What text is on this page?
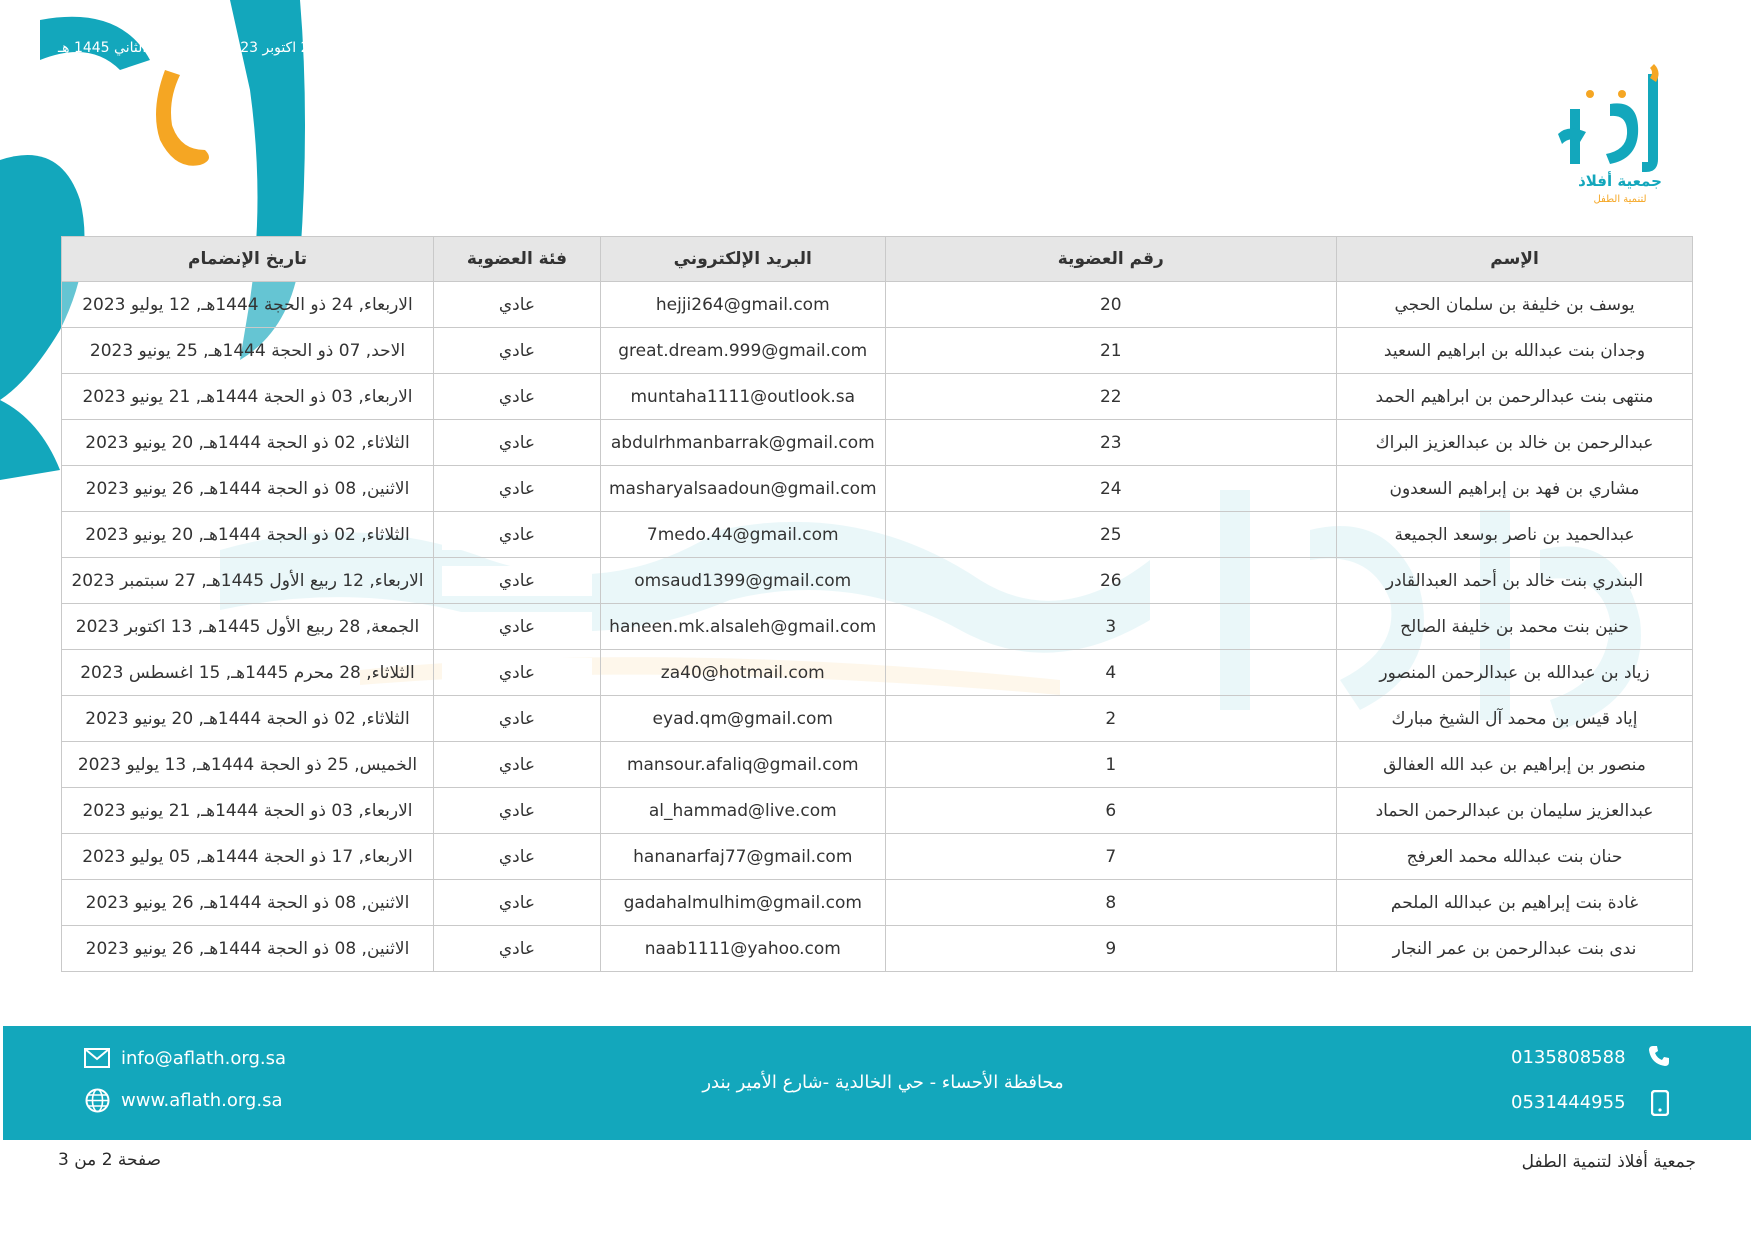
الاربعاء، 25 اكتوبر 2023 م - 10 ربيع الثاني 1445 هـ
جمعية أفلاذ
لتنمية الطفل
الإسم	رقم العضوية	البريد الإلكتروني	فئة العضوية	تاريخ الإنضمام
يوسف بن خليفة بن سلمان الحجي	20	hejji264@gmail.com	عادي	الاربعاء, 24 ذو الحجة 1444هـ, 12 يوليو 2023
وجدان بنت عبدالله بن ابراهيم السعيد	21	great.dream.999@gmail.com	عادي	الاحد, 07 ذو الحجة 1444هـ, 25 يونيو 2023
منتهى بنت عبدالرحمن بن ابراهيم الحمد	22	muntaha1111@outlook.sa	عادي	الاربعاء, 03 ذو الحجة 1444هـ, 21 يونيو 2023
عبدالرحمن بن خالد بن عبدالعزيز البراك	23	abdulrhmanbarrak@gmail.com	عادي	الثلاثاء, 02 ذو الحجة 1444هـ, 20 يونيو 2023
مشاري بن فهد بن إبراهيم السعدون	24	masharyalsaadoun@gmail.com	عادي	الاثنين, 08 ذو الحجة 1444هـ, 26 يونيو 2023
عبدالحميد بن ناصر بوسعد الجميعة	25	7medo.44@gmail.com	عادي	الثلاثاء, 02 ذو الحجة 1444هـ, 20 يونيو 2023
البندري بنت خالد بن أحمد العبدالقادر	26	omsaud1399@gmail.com	عادي	الاربعاء, 12 ربيع الأول 1445هـ, 27 سبتمبر 2023
حنين بنت محمد بن خليفة الصالح	3	haneen.mk.alsaleh@gmail.com	عادي	الجمعة, 28 ربيع الأول 1445هـ, 13 اكتوبر 2023
زياد بن عبدالله بن عبدالرحمن المنصور	4	za40@hotmail.com	عادي	الثلاثاء, 28 محرم 1445هـ, 15 اغسطس 2023
إياد قيس بن محمد آل الشيخ مبارك	2	eyad.qm@gmail.com	عادي	الثلاثاء, 02 ذو الحجة 1444هـ, 20 يونيو 2023
منصور بن إبراهيم بن عبد الله العفالق	1	mansour.afaliq@gmail.com	عادي	الخميس, 25 ذو الحجة 1444هـ, 13 يوليو 2023
عبدالعزيز سليمان بن عبدالرحمن الحماد	6	al_hammad@live.com	عادي	الاربعاء, 03 ذو الحجة 1444هـ, 21 يونيو 2023
حنان بنت عبدالله محمد العرفج	7	hananarfaj77@gmail.com	عادي	الاربعاء, 17 ذو الحجة 1444هـ, 05 يوليو 2023
غادة بنت إبراهيم بن عبدالله الملحم	8	gadahalmulhim@gmail.com	عادي	الاثنين, 08 ذو الحجة 1444هـ, 26 يونيو 2023
ندى بنت عبدالرحمن بن عمر النجار	9	naab1111@yahoo.com	عادي	الاثنين, 08 ذو الحجة 1444هـ, 26 يونيو 2023
0135808588
0531444955
محافظة الأحساء - حي الخالدية -شارع الأمير بندر
info@aflath.org.sa
www.aflath.org.sa
جمعية أفلاذ لتنمية الطفل
صفحة 2 من 3
